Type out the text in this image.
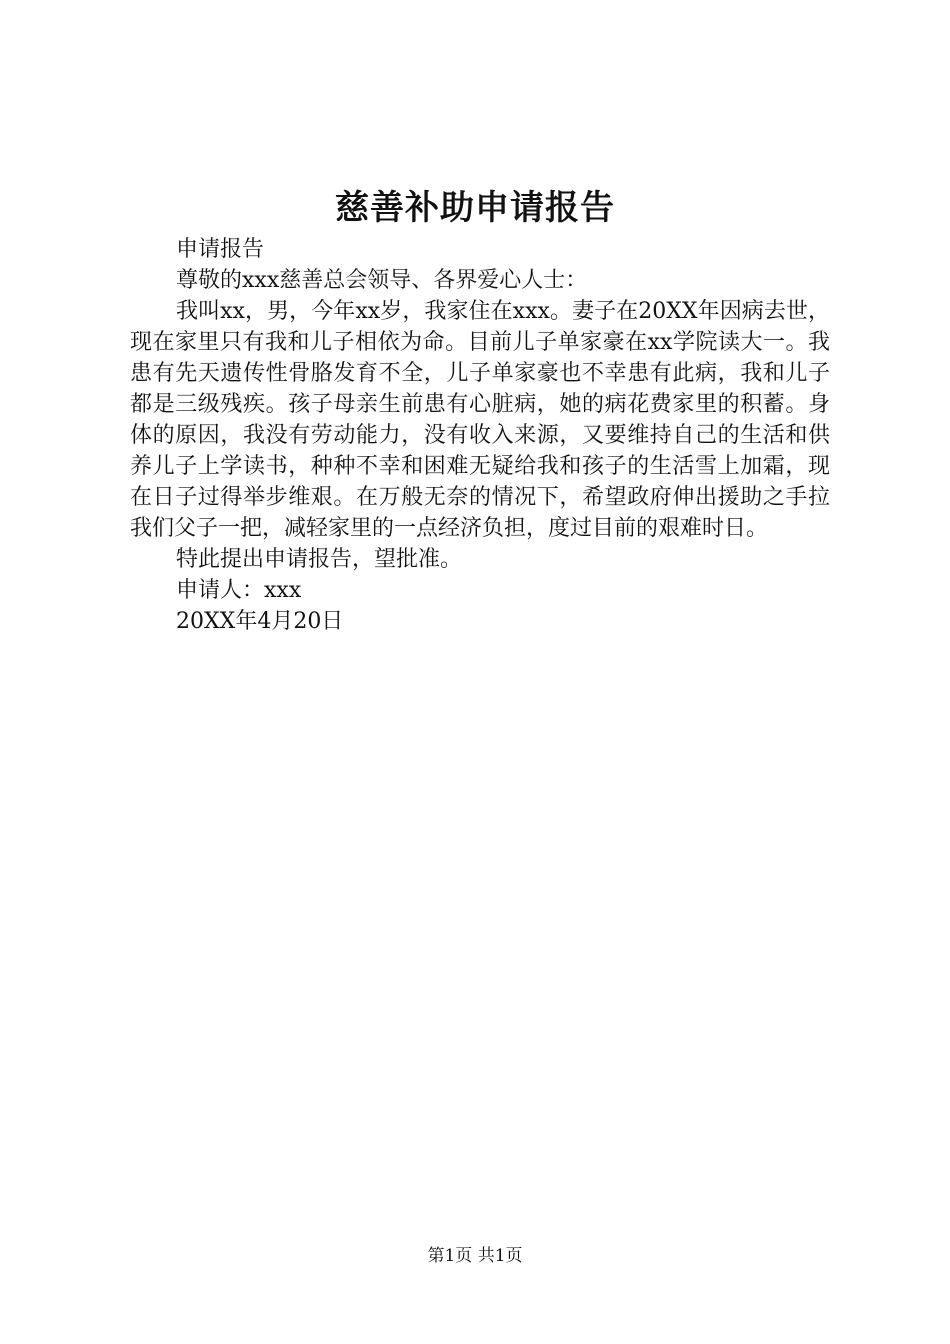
慈善补助申请报告

申请报告

尊敬的xxx慈善总会领导、各界爱心人士：

我叫xx，男，今年xx岁，我家住在xxx。妻子在20XX年因病去世，现在家里只有我和儿子相依为命。目前儿子单家豪在xx学院读大一。我患有先天遗传性骨胳发育不全，儿子单家豪也不幸患有此病，我和儿子都是三级残疾。孩子母亲生前患有心脏病，她的病花费家里的积蓄。身体的原因，我没有劳动能力，没有收入来源，又要维持自己的生活和供养儿子上学读书，种种不幸和困难无疑给我和孩子的生活雪上加霜，现在日子过得举步维艰。在万般无奈的情况下，希望政府伸出援助之手拉我们父子一把，减轻家里的一点经济负担，度过目前的艰难时日。

特此提出申请报告，望批准。

申请人：xxx

20XX年4月20日

第1页 共1页
